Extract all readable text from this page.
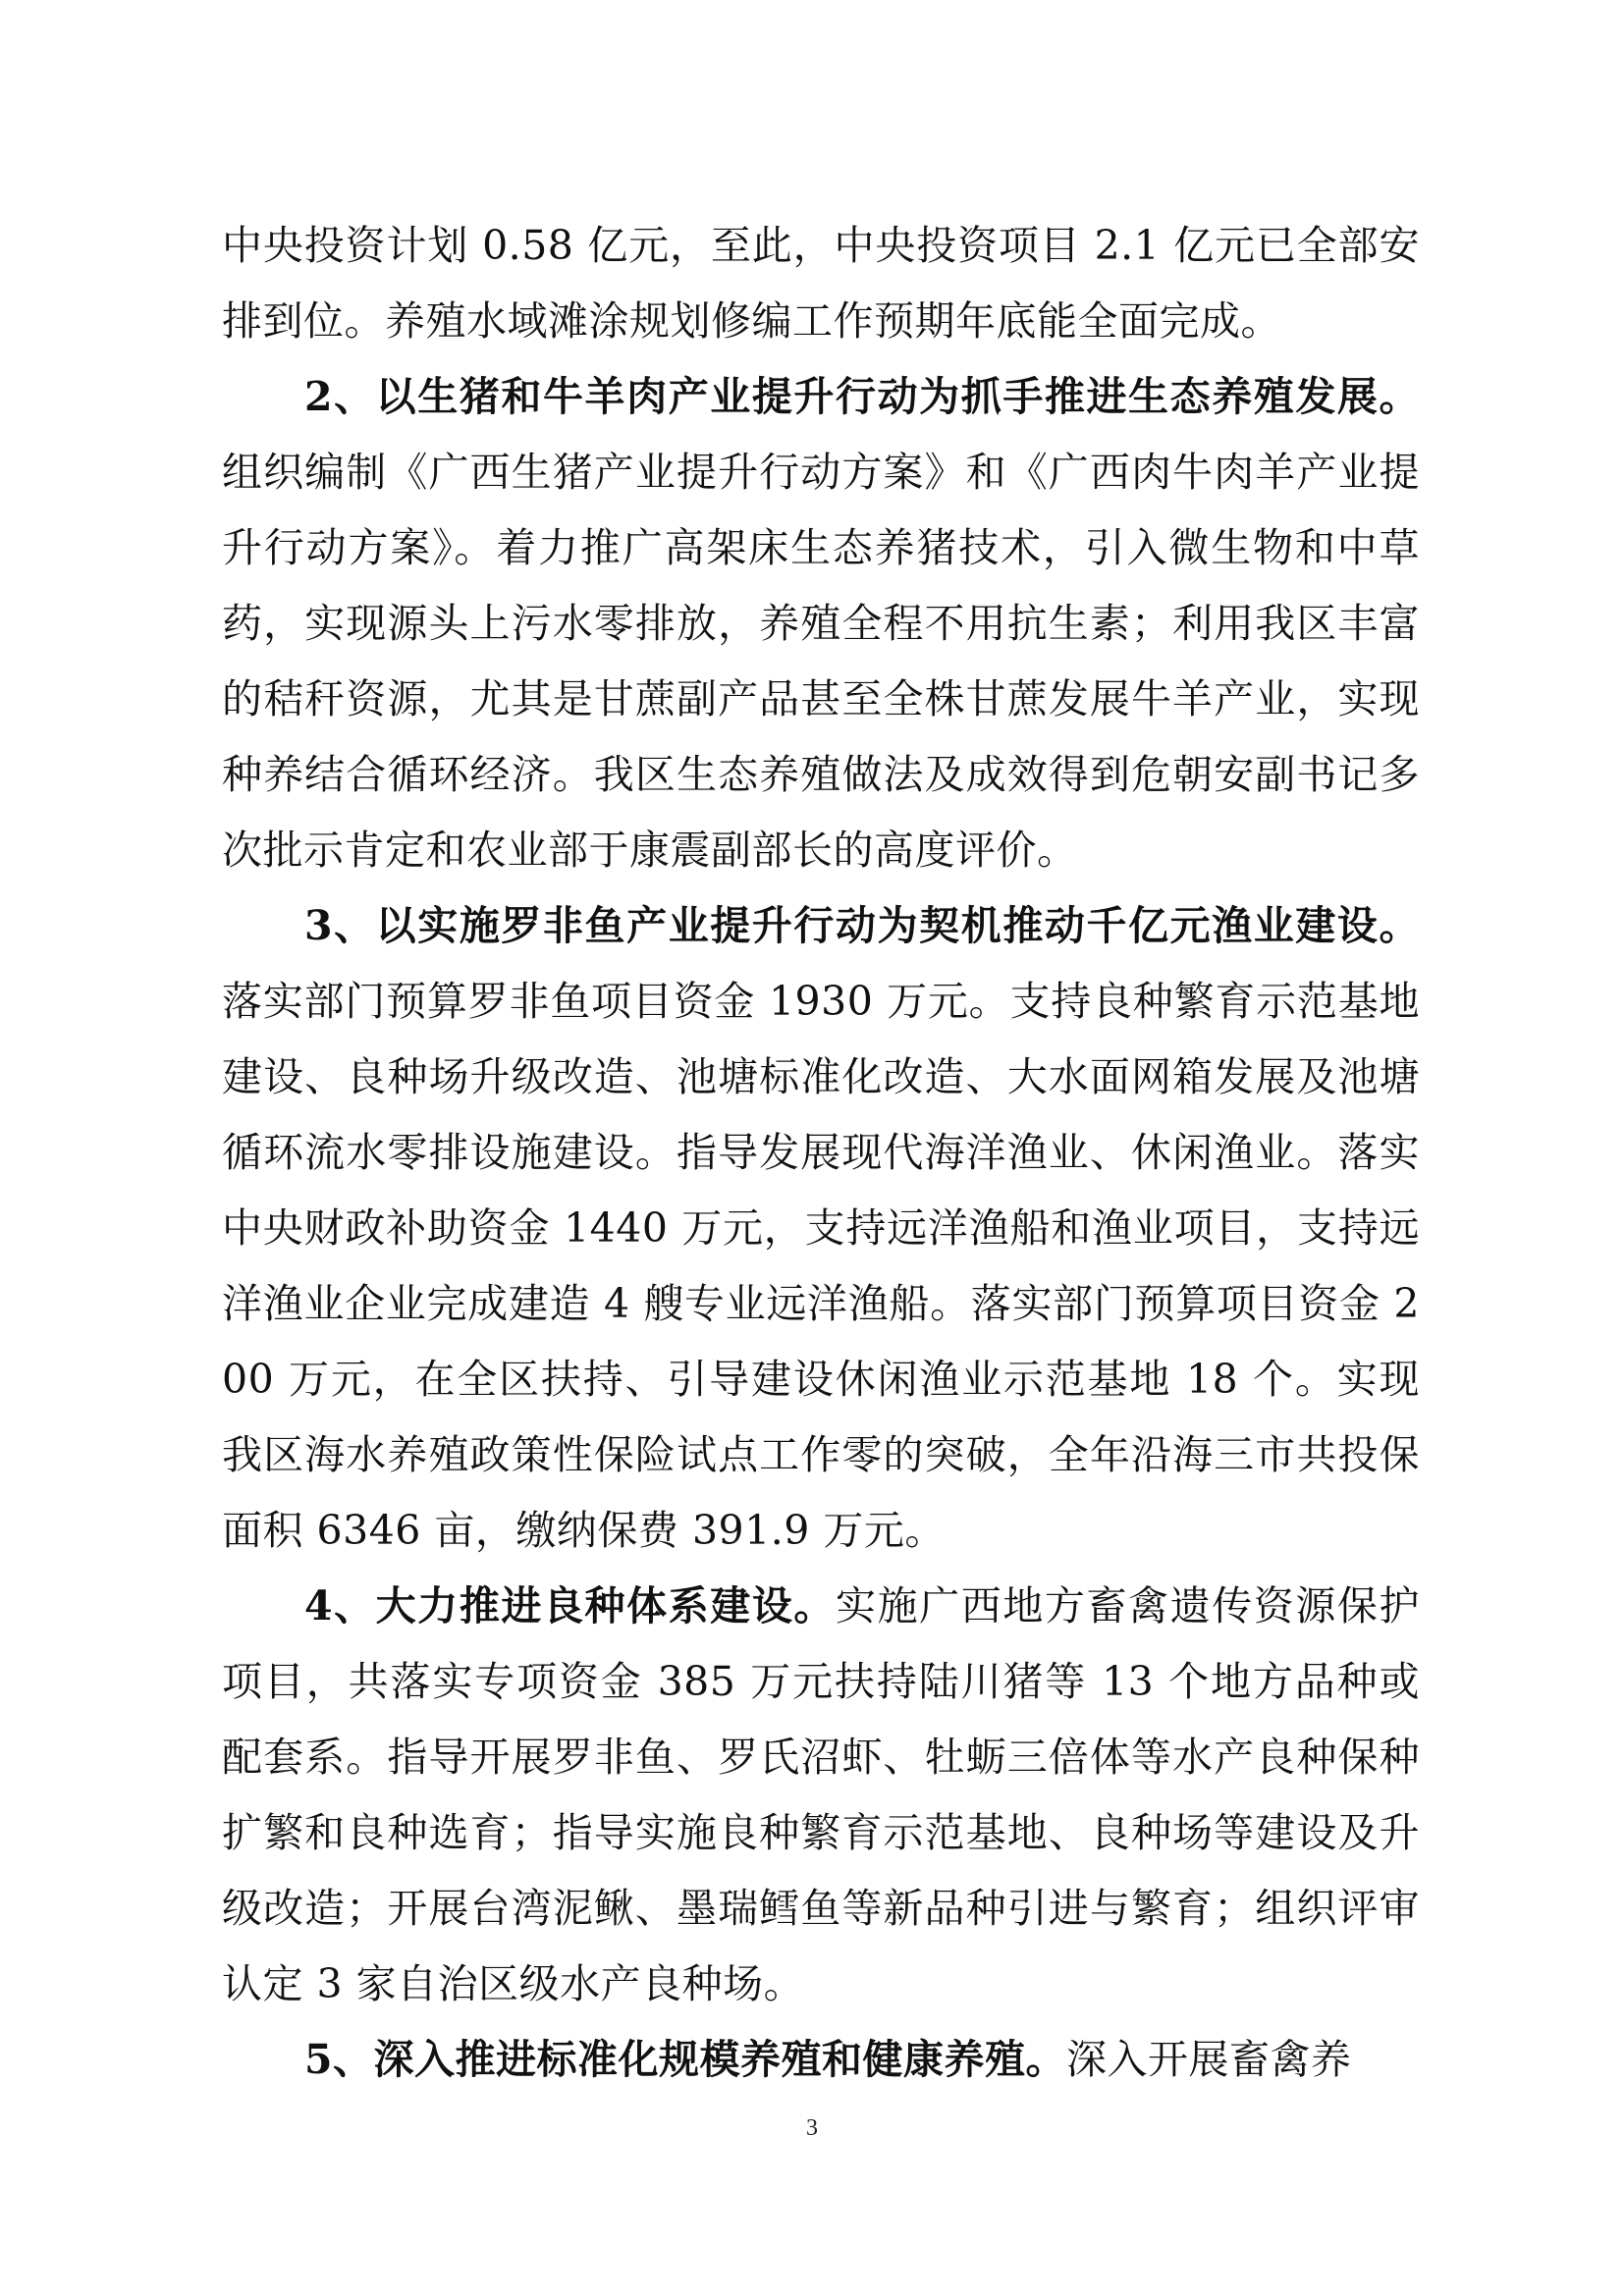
中央投资计划 0.58 亿元，至此，中央投资项目 2.1 亿元已全部安排到位。养殖水域滩涂规划修编工作预期年底能全面完成。

2、以生猪和牛羊肉产业提升行动为抓手推进生态养殖发展。组织编制《广西生猪产业提升行动方案》和《广西肉牛肉羊产业提升行动方案》。着力推广高架床生态养猪技术，引入微生物和中草药，实现源头上污水零排放，养殖全程不用抗生素；利用我区丰富的秸秆资源，尤其是甘蔗副产品甚至全株甘蔗发展牛羊产业，实现种养结合循环经济。我区生态养殖做法及成效得到危朝安副书记多次批示肯定和农业部于康震副部长的高度评价。

3、以实施罗非鱼产业提升行动为契机推动千亿元渔业建设。落实部门预算罗非鱼项目资金 1930 万元。支持良种繁育示范基地建设、良种场升级改造、池塘标准化改造、大水面网箱发展及池塘循环流水零排设施建设。指导发展现代海洋渔业、休闲渔业。落实中央财政补助资金 1440 万元，支持远洋渔船和渔业项目，支持远洋渔业企业完成建造 4 艘专业远洋渔船。落实部门预算项目资金 200 万元，在全区扶持、引导建设休闲渔业示范基地 18 个。实现我区海水养殖政策性保险试点工作零的突破，全年沿海三市共投保面积 6346 亩，缴纳保费 391.9 万元。

4、大力推进良种体系建设。实施广西地方畜禽遗传资源保护项目，共落实专项资金 385 万元扶持陆川猪等 13 个地方品种或配套系。指导开展罗非鱼、罗氏沼虾、牡蛎三倍体等水产良种保种扩繁和良种选育；指导实施良种繁育示范基地、良种场等建设及升级改造；开展台湾泥鳅、墨瑞鳕鱼等新品种引进与繁育；组织评审认定 3 家自治区级水产良种场。

5、深入推进标准化规模养殖和健康养殖。深入开展畜禽养

3
